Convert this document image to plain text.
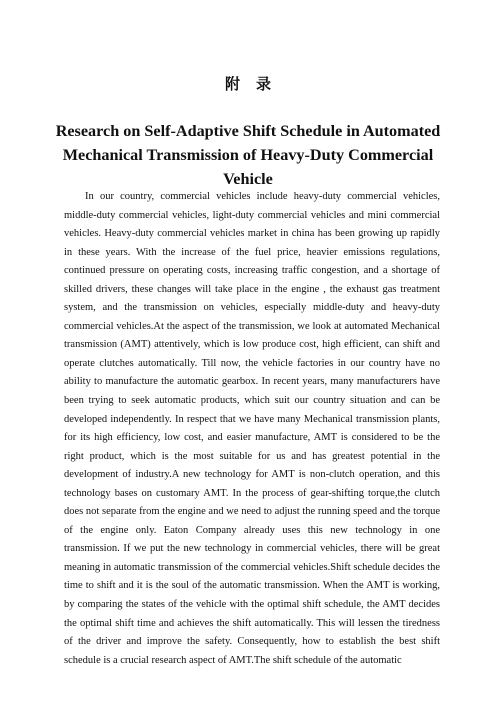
附录
Research on Self-Adaptive Shift Schedule in Automated Mechanical Transmission of Heavy-Duty Commercial Vehicle

In our country, commercial vehicles include heavy-duty commercial vehicles, middle-duty commercial vehicles, light-duty commercial vehicles and mini commercial vehicles. Heavy-duty commercial vehicles market in china has been growing up rapidly in these years. With the increase of the fuel price, heavier emissions regulations, continued pressure on operating costs, increasing traffic congestion, and a shortage of skilled drivers, these changes will take place in the engine , the exhaust gas treatment system, and the transmission on vehicles, especially middle-duty and heavy-duty commercial vehicles.At the aspect of the transmission, we look at automated Mechanical transmission (AMT) attentively, which is low produce cost, high efficient, can shift and operate clutches automatically. Till now, the vehicle factories in our country have no ability to manufacture the automatic gearbox. In recent years, many manufacturers have been trying to seek automatic products, which suit our country situation and can be developed independently. In respect that we have many Mechanical transmission plants, for its high efficiency, low cost, and easier manufacture, AMT is considered to be the right product, which is the most suitable for us and has greatest potential in the development of industry.A new technology for AMT is non-clutch operation, and this technology bases on customary AMT. In the process of gear-shifting torque,the clutch does not separate from the engine and we need to adjust the running speed and the torque of the engine only. Eaton Company already uses this new technology in one transmission. If we put the new technology in commercial vehicles, there will be great meaning in automatic transmission of the commercial vehicles.Shift schedule decides the time to shift and it is the soul of the automatic transmission. When the AMT is working, by comparing the states of the vehicle with the optimal shift schedule, the AMT decides the optimal shift time and achieves the shift automatically. This will lessen the tiredness of the driver and improve the safety. Consequently, how to establish the best shift schedule is a crucial research aspect of AMT.The shift schedule of the automatic
